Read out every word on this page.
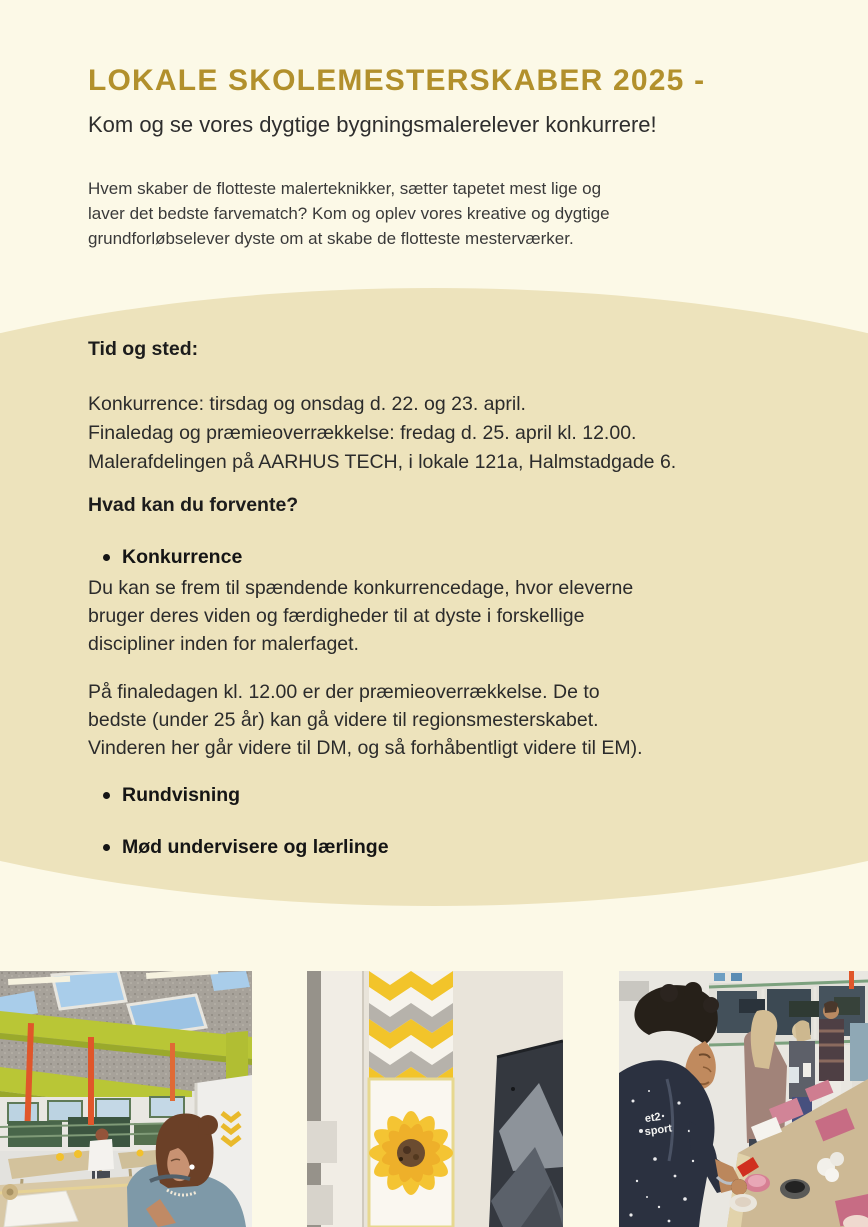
LOKALE SKOLEMESTERSKABER 2025 -
Kom og se vores dygtige bygningsmalerelever konkurrere!
Hvem skaber de flotteste malerteknikker, sætter tapetet mest lige og
laver det bedste farvematch? Kom og oplev vores kreative og dygtige
grundforløbselever dyste om at skabe de flotteste mesterværker.
Tid og sted:
Konkurrence: tirsdag og onsdag d. 22. og 23. april.
Finaledag og præmieoverrækkelse: fredag d. 25. april kl. 12.00.
Malerafdelingen på AARHUS TECH, i lokale 121a, Halmstadgade 6.
Hvad kan du forvente?
Konkurrence
Du kan se frem til spændende konkurrencedage, hvor eleverne
bruger deres viden og færdigheder til at dyste i forskellige
discipliner inden for malerfaget.
På finaledagen kl. 12.00 er der præmieoverrækkelse. De to
bedste (under 25 år) kan gå videre til regionsmesterskabet.
Vinderen her går videre til DM, og så forhåbentligt videre til EM).
Rundvisning
Mød undervisere og lærlinge
et2
sport
